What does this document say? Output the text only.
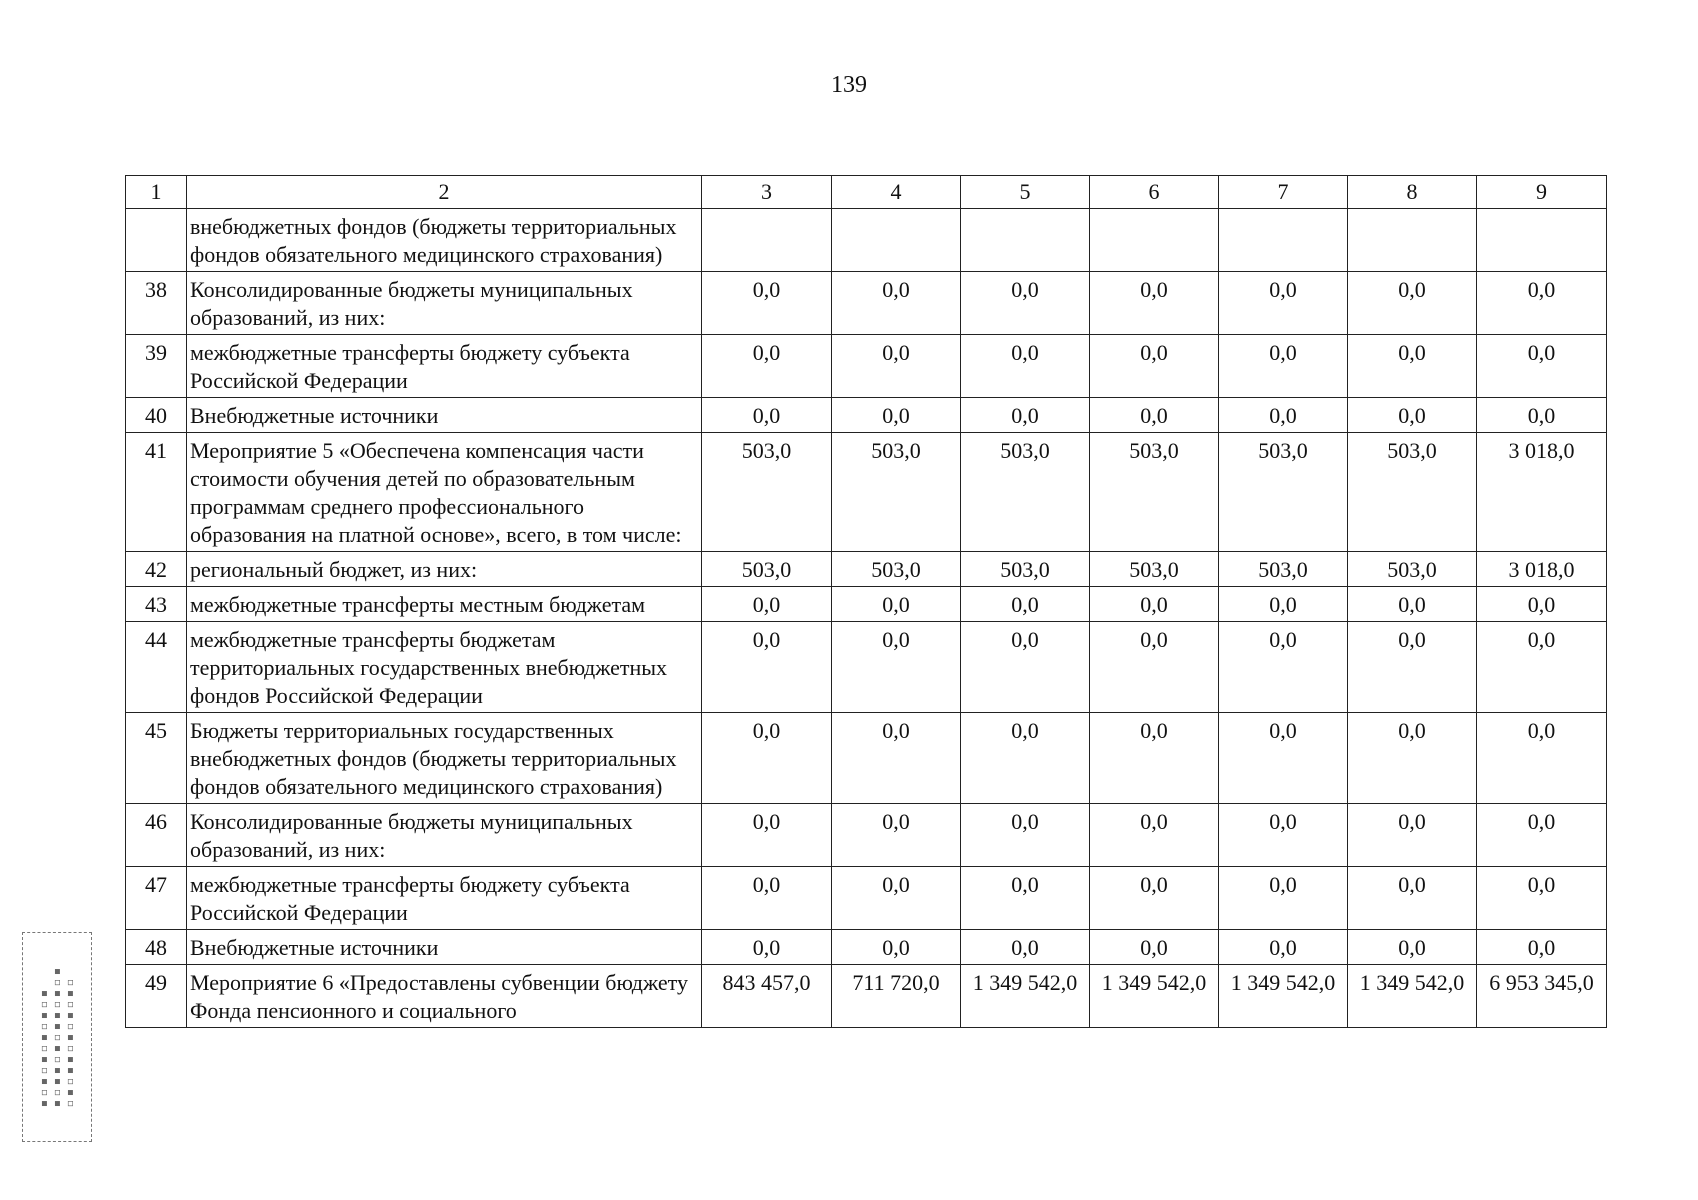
139
1	2	3	4	5	6	7	8	9
	внебюджетных фондов (бюджеты территориальных фондов обязательного медицинского страхования)							
38	Консолидированные бюджеты муниципальных образований, из них:	0,0	0,0	0,0	0,0	0,0	0,0	0,0
39	межбюджетные трансферты бюджету субъекта Российской Федерации	0,0	0,0	0,0	0,0	0,0	0,0	0,0
40	Внебюджетные источники	0,0	0,0	0,0	0,0	0,0	0,0	0,0
41	Мероприятие 5 «Обеспечена компенсация части стоимости обучения детей по образовательным программам среднего профессионального образования на платной основе», всего, в том числе:	503,0	503,0	503,0	503,0	503,0	503,0	3 018,0
42	региональный бюджет, из них:	503,0	503,0	503,0	503,0	503,0	503,0	3 018,0
43	межбюджетные трансферты местным бюджетам	0,0	0,0	0,0	0,0	0,0	0,0	0,0
44	межбюджетные трансферты бюджетам территориальных государственных внебюджетных фондов Российской Федерации	0,0	0,0	0,0	0,0	0,0	0,0	0,0
45	Бюджеты территориальных государственных внебюджетных фондов (бюджеты территориальных фондов обязательного медицинского страхования)	0,0	0,0	0,0	0,0	0,0	0,0	0,0
46	Консолидированные бюджеты муниципальных образований, из них:	0,0	0,0	0,0	0,0	0,0	0,0	0,0
47	межбюджетные трансферты бюджету субъекта Российской Федерации	0,0	0,0	0,0	0,0	0,0	0,0	0,0
48	Внебюджетные источники	0,0	0,0	0,0	0,0	0,0	0,0	0,0
49	Мероприятие 6 «Предоставлены субвенции бюджету Фонда пенсионного и социального	843 457,0	711 720,0	1 349 542,0	1 349 542,0	1 349 542,0	1 349 542,0	6 953 345,0
▪▫▪▫▪▫▪▫▪▫▪ ▪▫▪▪▫▪▫▪▪▫▪▫▪ ▫▪▫▪▪▫▪▫▪▫▪▫
